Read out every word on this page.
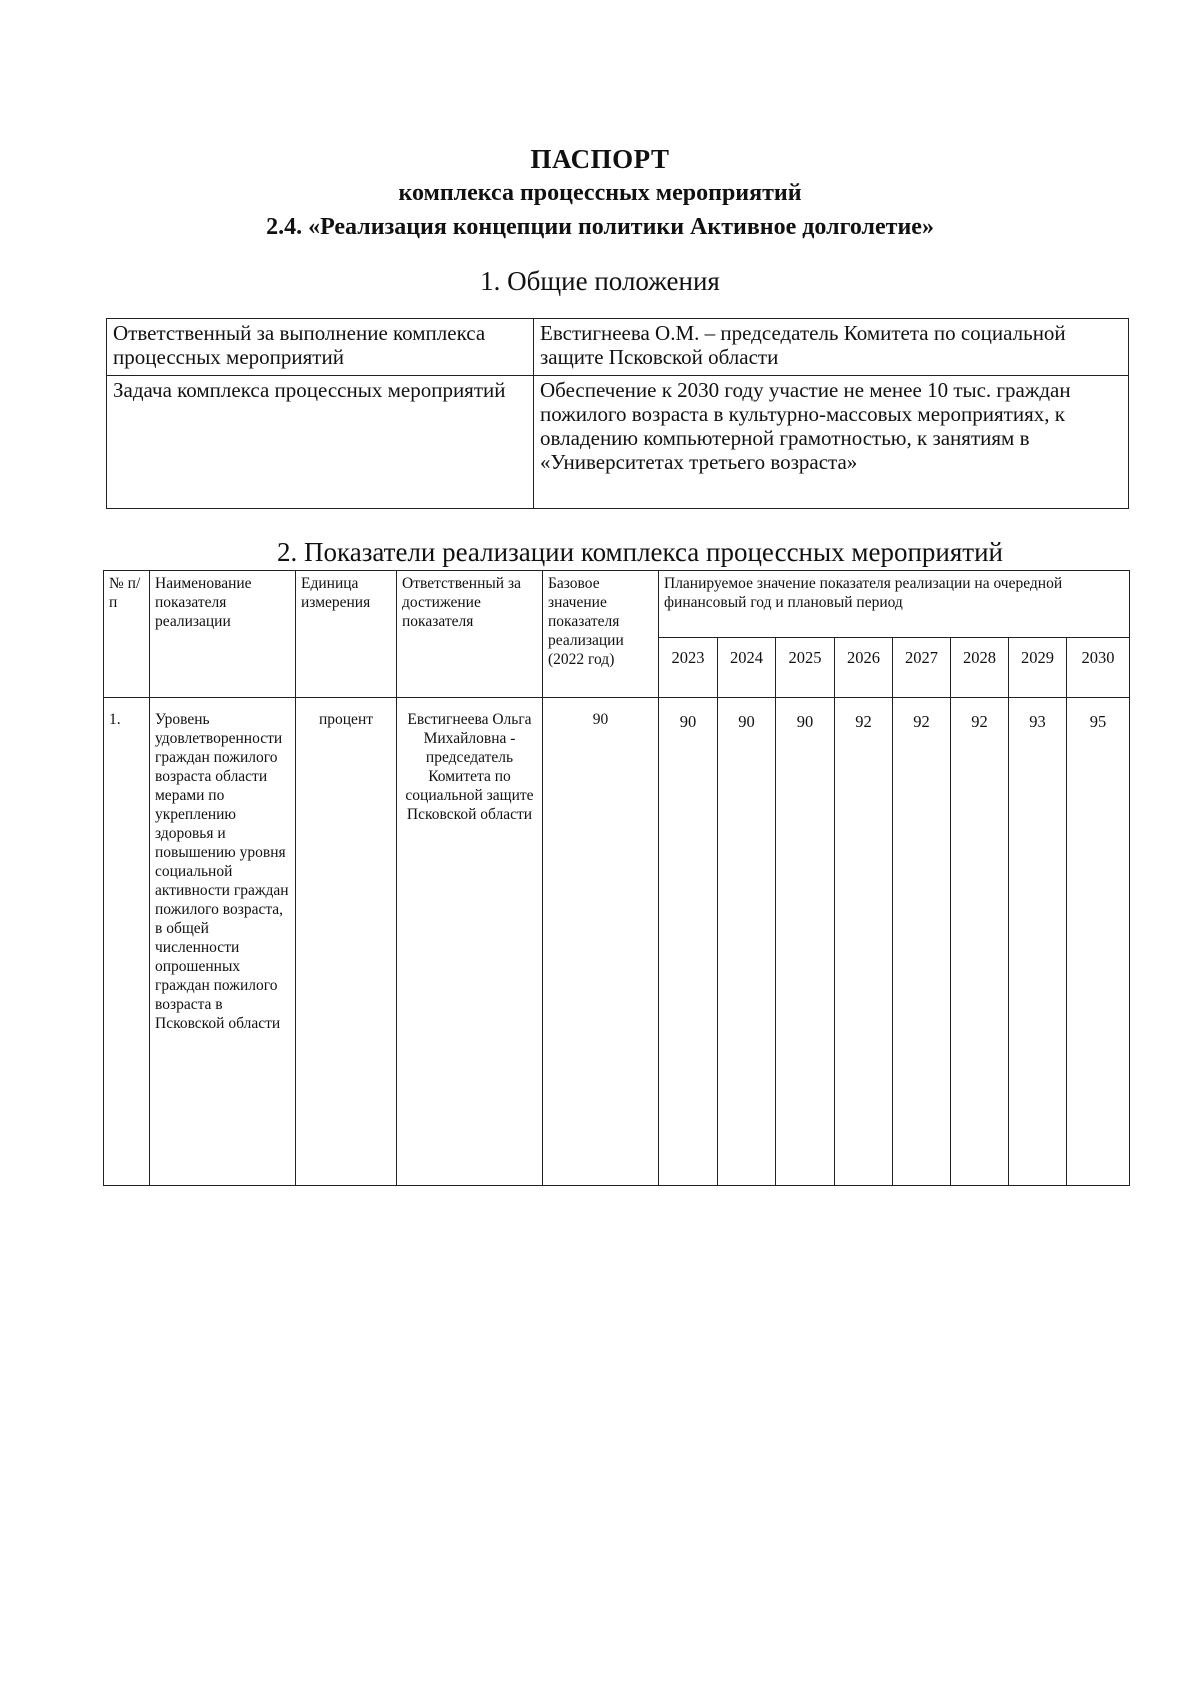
ПАСПОРТ
комплекса процессных мероприятий
2.4. «Реализация концепции политики Активное долголетие»
1. Общие положения
Ответственный за выполнение комплекса процессных мероприятий	Евстигнеева О.М. – председатель Комитета по социальной защите Псковской области
Задача комплекса процессных мероприятий	Обеспечение к 2030 году участие не менее 10 тыс. граждан пожилого возраста в культурно-массовых мероприятиях, к овладению компьютерной грамотностью, к занятиям в «Университетах третьего возраста»
2. Показатели реализации комплекса процессных мероприятий
№ п/п	Наименование показателя реализации	Единица измерения	Ответственный за достижение показателя	Базовое значение показателя реализации (2022 год)	Планируемое значение показателя реализации на очередной финансовый год и плановый период							
					2023	2024	2025	2026	2027	2028	2029	2030
1.	Уровень удовлетворенности граждан пожилого возраста области мерами по укреплению здоровья и повышению уровня социальной активности граждан пожилого возраста, в общей численности опрошенных граждан пожилого возраста в Псковской области	процент	Евстигнеева Ольга Михайловна - председатель Комитета по социальной защите Псковской области	90	90	90	90	92	92	92	93	95
